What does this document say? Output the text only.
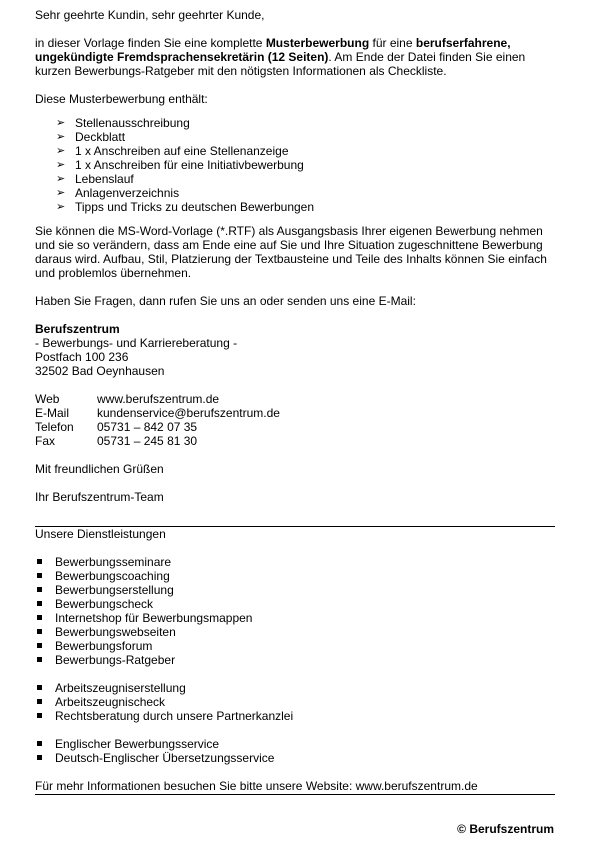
Sehr geehrte Kundin, sehr geehrter Kunde,

in dieser Vorlage finden Sie eine komplette Musterbewerbung für eine berufserfahrene, ungekündigte Fremdsprachensekretärin (12 Seiten). Am Ende der Datei finden Sie einen kurzen Bewerbungs-Ratgeber mit den nötigsten Informationen als Checkliste.

Diese Musterbewerbung enthält:

➢ Stellenausschreibung
➢ Deckblatt
➢ 1 x Anschreiben auf eine Stellenanzeige
➢ 1 x Anschreiben für eine Initiativbewerbung
➢ Lebenslauf
➢ Anlagenverzeichnis
➢ Tipps und Tricks zu deutschen Bewerbungen

Sie können die MS-Word-Vorlage (*.RTF) als Ausgangsbasis Ihrer eigenen Bewerbung nehmen und sie so verändern, dass am Ende eine auf Sie und Ihre Situation zugeschnittene Bewerbung daraus wird. Aufbau, Stil, Platzierung der Textbausteine und Teile des Inhalts können Sie einfach und problemlos übernehmen.

Haben Sie Fragen, dann rufen Sie uns an oder senden uns eine E-Mail:

Berufszentrum

- Bewerbungs- und Karriereberatung -

Postfach 100 236

32502 Bad Oeynhausen

Web	www.berufszentrum.de
E-Mail	kundenservice@berufszentrum.de
Telefon	05731 – 842 07 35
Fax	05731 – 245 81 30

Mit freundlichen Grüßen

Ihr Berufszentrum-Team

Unsere Dienstleistungen

Bewerbungsseminare
Bewerbungscoaching
Bewerbungserstellung
Bewerbungscheck
Internetshop für Bewerbungsmappen
Bewerbungswebseiten
Bewerbungsforum
Bewerbungs-Ratgeber
Arbeitszeugniserstellung
Arbeitszeugnischeck
Rechtsberatung durch unsere Partnerkanzlei
Englischer Bewerbungsservice
Deutsch-Englischer Übersetzungsservice

Für mehr Informationen besuchen Sie bitte unsere Website: www.berufszentrum.de

© Berufszentrum
